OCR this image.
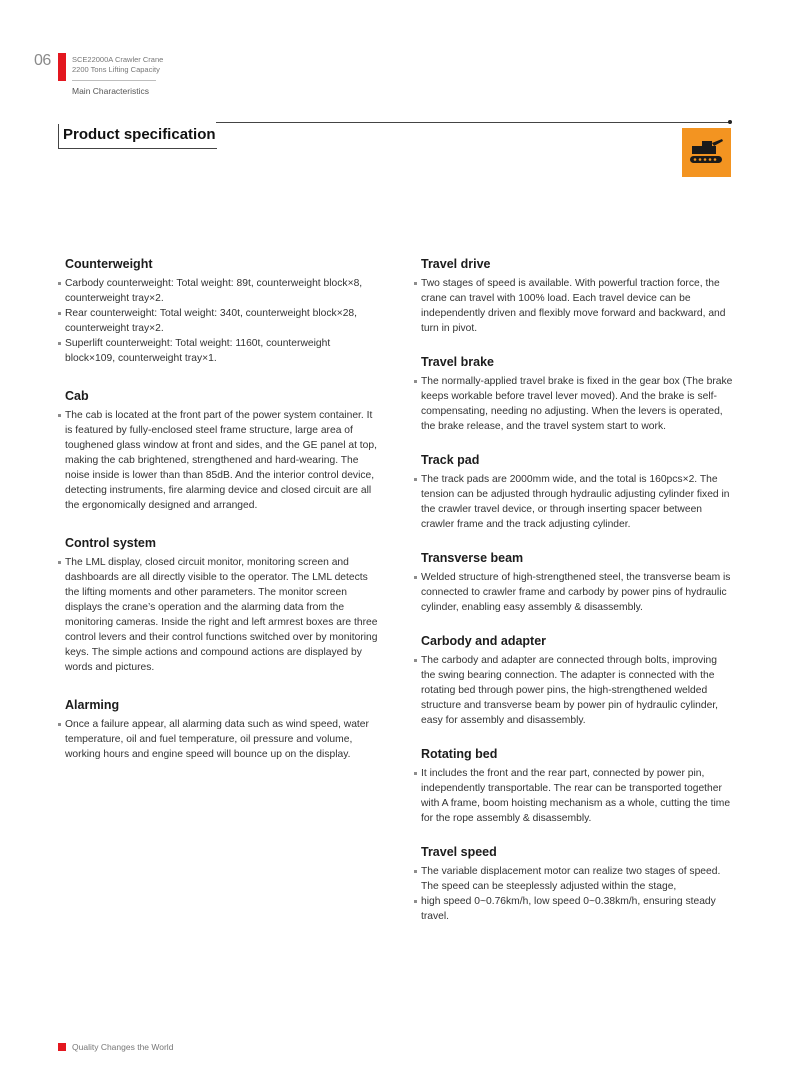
06	SCE22000A Crawler Crane
2200 Tons Lifting Capacity
Main Characteristics
Product specification
Counterweight
Carbody counterweight: Total weight: 89t, counterweight block×8, counterweight tray×2.
Rear counterweight: Total weight: 340t, counterweight block×28, counterweight tray×2.
Superlift counterweight: Total weight: 1160t, counterweight block×109, counterweight tray×1.
Cab
The cab is located at the front part of the power system container. It is featured by fully-enclosed steel frame structure, large area of toughened glass window at front and sides, and the GE panel at top, making the cab brightened, strengthened and hard-wearing. The noise inside is lower than than 85dB. And the interior control device, detecting instruments, fire alarming device and closed circuit are all the ergonomically designed and arranged.
Control system
The LML display, closed circuit monitor, monitoring screen and dashboards are all directly visible to the operator. The LML detects the lifting moments and other parameters. The monitor screen displays the crane’s operation and the alarming data from the monitoring cameras. Inside the right and left armrest boxes are three control levers and their control functions switched over by monitoring keys. The simple actions and compound actions are displayed by words and pictures.
Alarming
Once a failure appear, all alarming data such as wind speed, water temperature, oil and fuel temperature, oil pressure and volume, working hours and engine speed will bounce up on the display.
Travel drive
Two stages of speed is available. With powerful traction force, the crane can travel with 100% load. Each travel device can be independently driven and flexibly move forward and backward, and turn in pivot.
Travel brake
The normally-applied travel brake is fixed in the gear box (The brake keeps workable before travel lever moved). And the brake is self-compensating, needing no adjusting. When the levers is operated, the brake release, and the travel system start to work.
Track pad
The track pads are 2000mm wide, and the total is 160pcs×2. The tension can be adjusted through hydraulic adjusting cylinder fixed in the crawler travel device, or through inserting spacer between crawler frame and the track adjusting cylinder.
Transverse beam
Welded structure of high-strengthened steel, the transverse beam is connected to crawler frame and carbody by power pins of hydraulic cylinder, enabling easy assembly & disassembly.
Carbody and adapter
The carbody and adapter are connected through bolts, improving the swing bearing connection. The adapter is connected with the rotating bed through power pins, the high-strengthened welded structure and transverse beam by power pin of hydraulic cylinder, easy for assembly and disassembly.
Rotating bed
It includes the front and the rear part, connected by power pin, independently transportable. The rear can be transported together with A frame, boom hoisting mechanism as a whole, cutting the time for the rope assembly & disassembly.
Travel speed
The variable displacement motor can realize two stages of speed. The speed can be steeplessly adjusted within the stage,
high speed 0~0.76km/h, low speed 0~0.38km/h, ensuring steady travel.
Quality Changes the World
